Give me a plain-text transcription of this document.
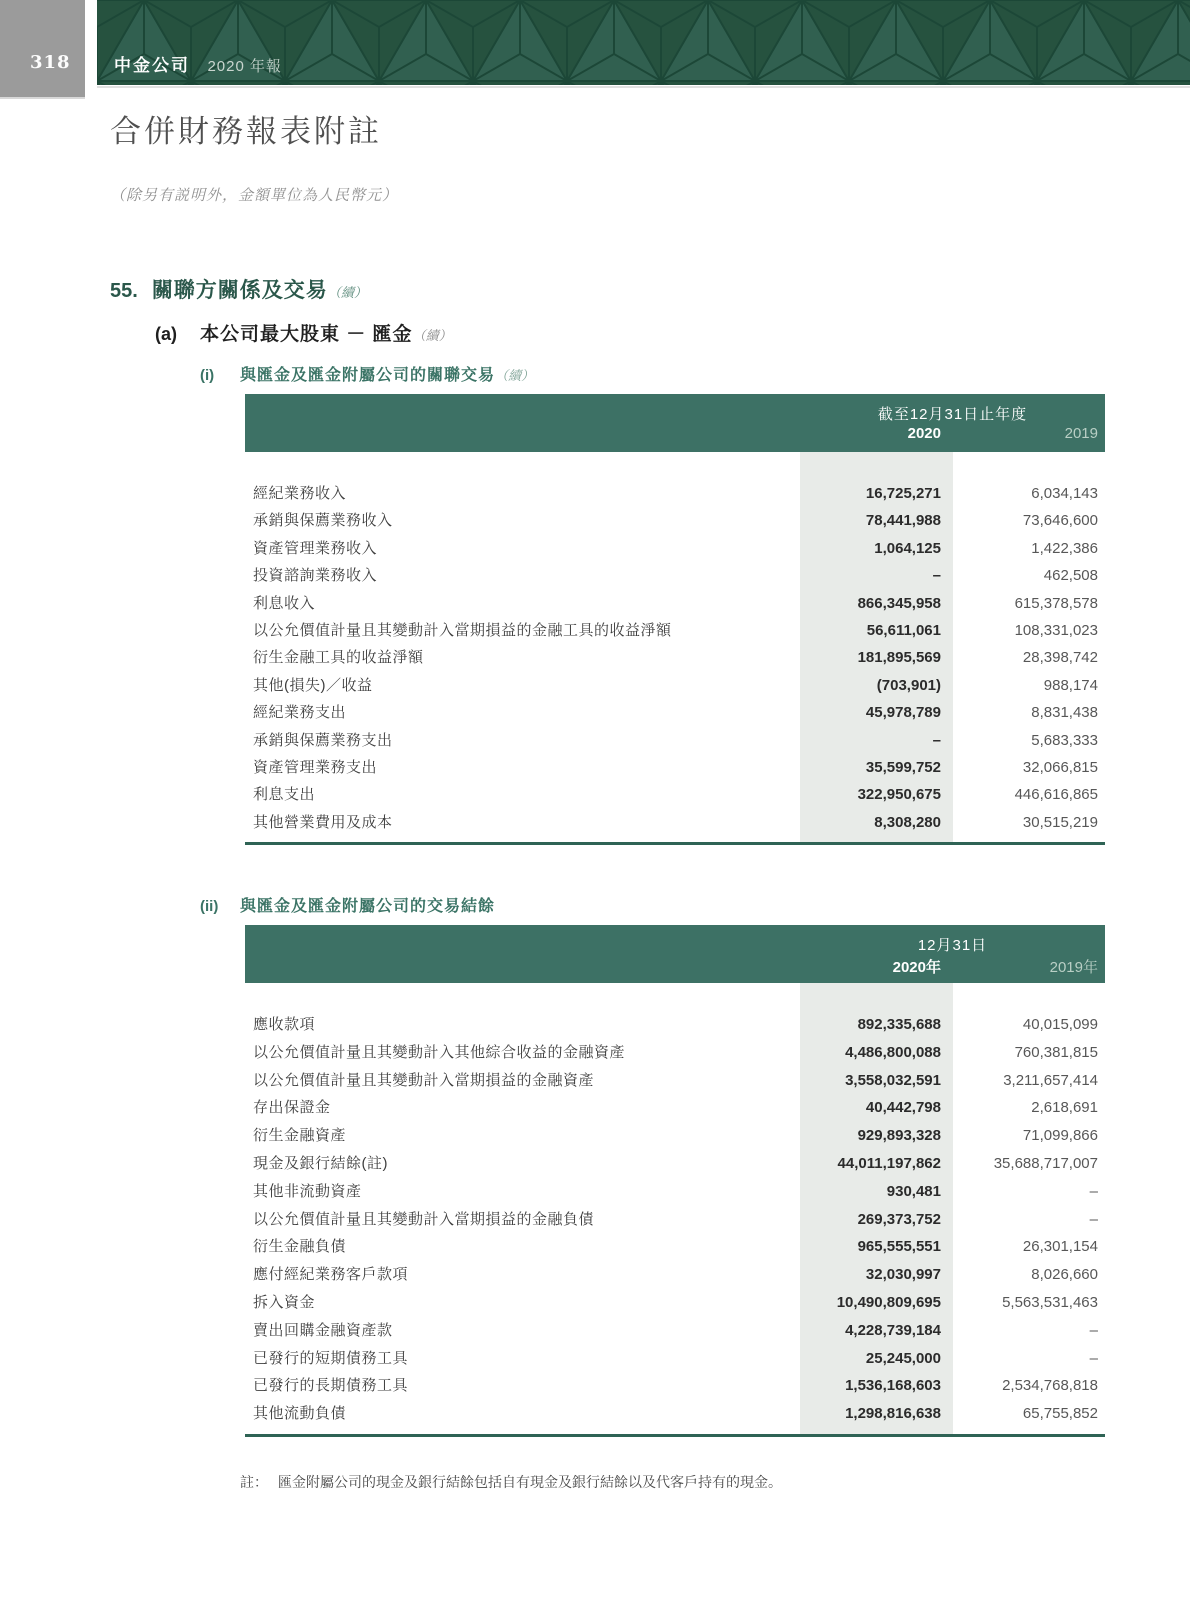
318	中金公司 2020 年報
合併財務報表附註

（除另有説明外，金額單位為人民幣元）

55. 關聯方關係及交易（續）
(a) 本公司最大股東 － 匯金（續）
(i) 與匯金及匯金附屬公司的關聯交易（續）
截至12月31日止年度
2020	2019
經紀業務收入	16,725,271	6,034,143
承銷與保薦業務收入	78,441,988	73,646,600
資產管理業務收入	1,064,125	1,422,386
投資諮詢業務收入	–	462,508
利息收入	866,345,958	615,378,578
以公允價值計量且其變動計入當期損益的金融工具的收益淨額	56,611,061	108,331,023
衍生金融工具的收益淨額	181,895,569	28,398,742
其他(損失)／收益	(703,901)	988,174
經紀業務支出	45,978,789	8,831,438
承銷與保薦業務支出	–	5,683,333
資產管理業務支出	35,599,752	32,066,815
利息支出	322,950,675	446,616,865
其他營業費用及成本	8,308,280	30,515,219
(ii) 與匯金及匯金附屬公司的交易結餘
12月31日
2020年	2019年
應收款項	892,335,688	40,015,099
以公允價值計量且其變動計入其他綜合收益的金融資產	4,486,800,088	760,381,815
以公允價值計量且其變動計入當期損益的金融資產	3,558,032,591	3,211,657,414
存出保證金	40,442,798	2,618,691
衍生金融資產	929,893,328	71,099,866
現金及銀行結餘(註)	44,011,197,862	35,688,717,007
其他非流動資產	930,481	–
以公允價值計量且其變動計入當期損益的金融負債	269,373,752	–
衍生金融負債	965,555,551	26,301,154
應付經紀業務客戶款項	32,030,997	8,026,660
拆入資金	10,490,809,695	5,563,531,463
賣出回購金融資產款	4,228,739,184	–
已發行的短期債務工具	25,245,000	–
已發行的長期債務工具	1,536,168,603	2,534,768,818
其他流動負債	1,298,816,638	65,755,852
註： 匯金附屬公司的現金及銀行結餘包括自有現金及銀行結餘以及代客戶持有的現金。
